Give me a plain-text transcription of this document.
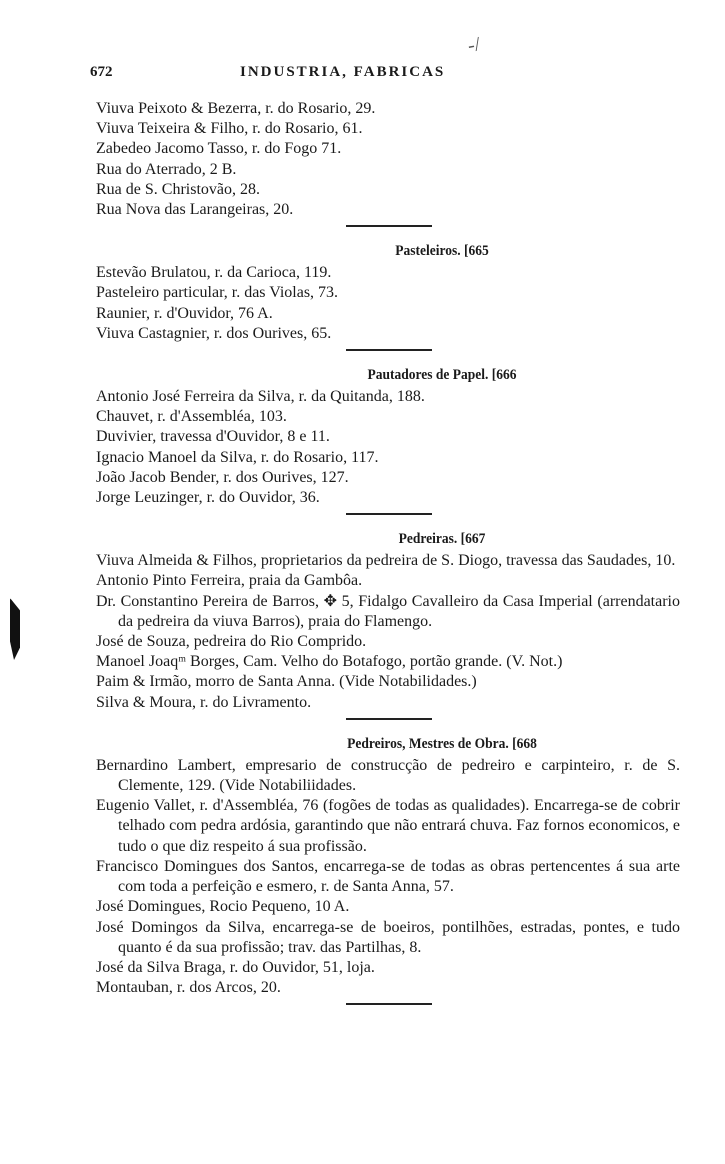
-/
672	INDUSTRIA, FABRICAS
Viuva Peixoto & Bezerra, r. do Rosario, 29.
Viuva Teixeira & Filho, r. do Rosario, 61.
Zabedeo Jacomo Tasso, r. do Fogo 71.
Rua do Aterrado, 2 B.
Rua de S. Christovão, 28.
Rua Nova das Larangeiras, 20.
Pasteleiros. [665
Estevão Brulatou, r. da Carioca, 119.
Pasteleiro particular, r. das Violas, 73.
Raunier, r. d'Ouvidor, 76 A.
Viuva Castagnier, r. dos Ourives, 65.
Pautadores de Papel. [666
Antonio José Ferreira da Silva, r. da Quitanda, 188.
Chauvet, r. d'Assembléa, 103.
Duvivier, travessa d'Ouvidor, 8 e 11.
Ignacio Manoel da Silva, r. do Rosario, 117.
João Jacob Bender, r. dos Ourives, 127.
Jorge Leuzinger, r. do Ouvidor, 36.
Pedreiras. [667
Viuva Almeida & Filhos, proprietarios da pedreira de S. Diogo, travessa das Saudades, 10.
Antonio Pinto Ferreira, praia da Gambôa.
Dr. Constantino Pereira de Barros, ✥ 5, Fidalgo Cavalleiro da Casa Imperial (arrendatario da pedreira da viuva Barros), praia do Flamengo.
José de Souza, pedreira do Rio Comprido.
Manoel Joaqᵐ Borges, Cam. Velho do Botafogo, portão grande. (V. Not.)
Paim & Irmão, morro de Santa Anna. (Vide Notabilidades.)
Silva & Moura, r. do Livramento.
Pedreiros, Mestres de Obra. [668
Bernardino Lambert, empresario de construcção de pedreiro e carpinteiro, r. de S. Clemente, 129. (Vide Notabiliidades.
Eugenio Vallet, r. d'Assembléa, 76 (fogões de todas as qualidades). Encarrega-se de cobrir telhado com pedra ardósia, garantindo que não entrará chuva. Faz fornos economicos, e tudo o que diz respeito á sua profissão.
Francisco Domingues dos Santos, encarrega-se de todas as obras pertencentes á sua arte com toda a perfeição e esmero, r. de Santa Anna, 57.
José Domingues, Rocio Pequeno, 10 A.
José Domingos da Silva, encarrega-se de boeiros, pontilhões, estradas, pontes, e tudo quanto é da sua profissão; trav. das Partilhas, 8.
José da Silva Braga, r. do Ouvidor, 51, loja.
Montauban, r. dos Arcos, 20.
